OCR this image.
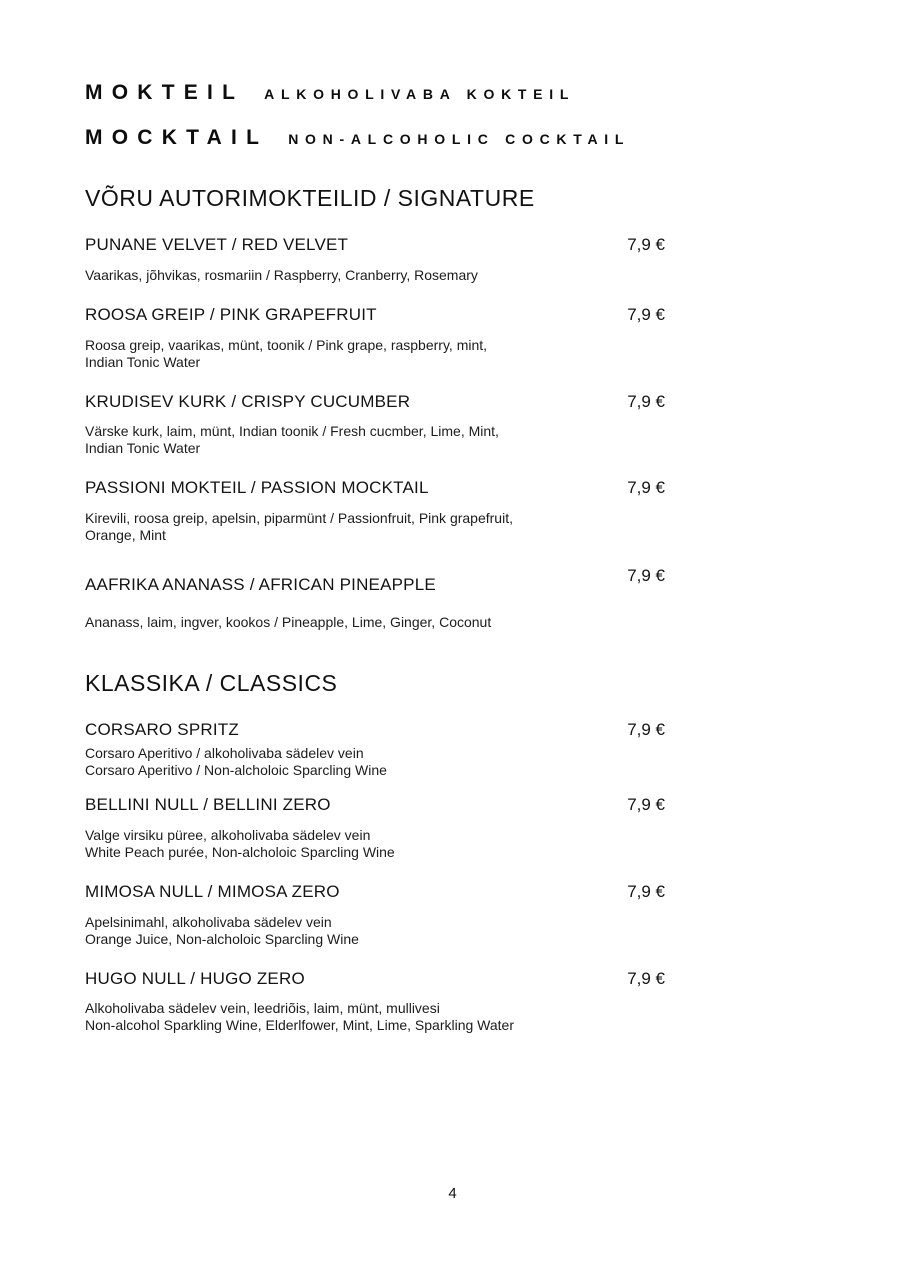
MOKTEIL ALKOHOLIVABA KOKTEIL
MOCKTAIL NON-ALCOHOLIC COCKTAIL
VÕRU AUTORIMOKTEILID / SIGNATURE
PUNANE VELVET / RED VELVET	7,9 €
Vaarikas, jõhvikas, rosmariin / Raspberry, Cranberry, Rosemary
ROOSA GREIP / PINK GRAPEFRUIT	7,9 €
Roosa greip, vaarikas, münt, toonik / Pink grape, raspberry, mint,
Indian Tonic Water
KRUDISEV KURK / CRISPY CUCUMBER	7,9 €
Värske kurk, laim, münt, Indian toonik / Fresh cucmber, Lime, Mint,
Indian Tonic Water
PASSIONI MOKTEIL / PASSION MOCKTAIL	7,9 €
Kirevili, roosa greip, apelsin, piparmünt / Passionfruit, Pink grapefruit,
Orange, Mint
AAFRIKA ANANASS / AFRICAN PINEAPPLE	7,9 €
Ananass, laim, ingver, kookos / Pineapple, Lime, Ginger, Coconut
KLASSIKA / CLASSICS
CORSARO SPRITZ	7,9 €
Corsaro Aperitivo / alkoholivaba sädelev vein
Corsaro Aperitivo / Non-alcholoic Sparcling Wine
BELLINI NULL / BELLINI ZERO	7,9 €
Valge virsiku püree, alkoholivaba sädelev vein
White Peach purée, Non-alcholoic Sparcling Wine
MIMOSA NULL / MIMOSA ZERO	7,9 €
Apelsinimahl, alkoholivaba sädelev vein
Orange Juice, Non-alcholoic Sparcling Wine
HUGO NULL / HUGO ZERO	7,9 €
Alkoholivaba sädelev vein, leedriõis, laim, münt, mullivesi
Non-alcohol Sparkling Wine, Elderlfower, Mint, Lime, Sparkling Water
4
